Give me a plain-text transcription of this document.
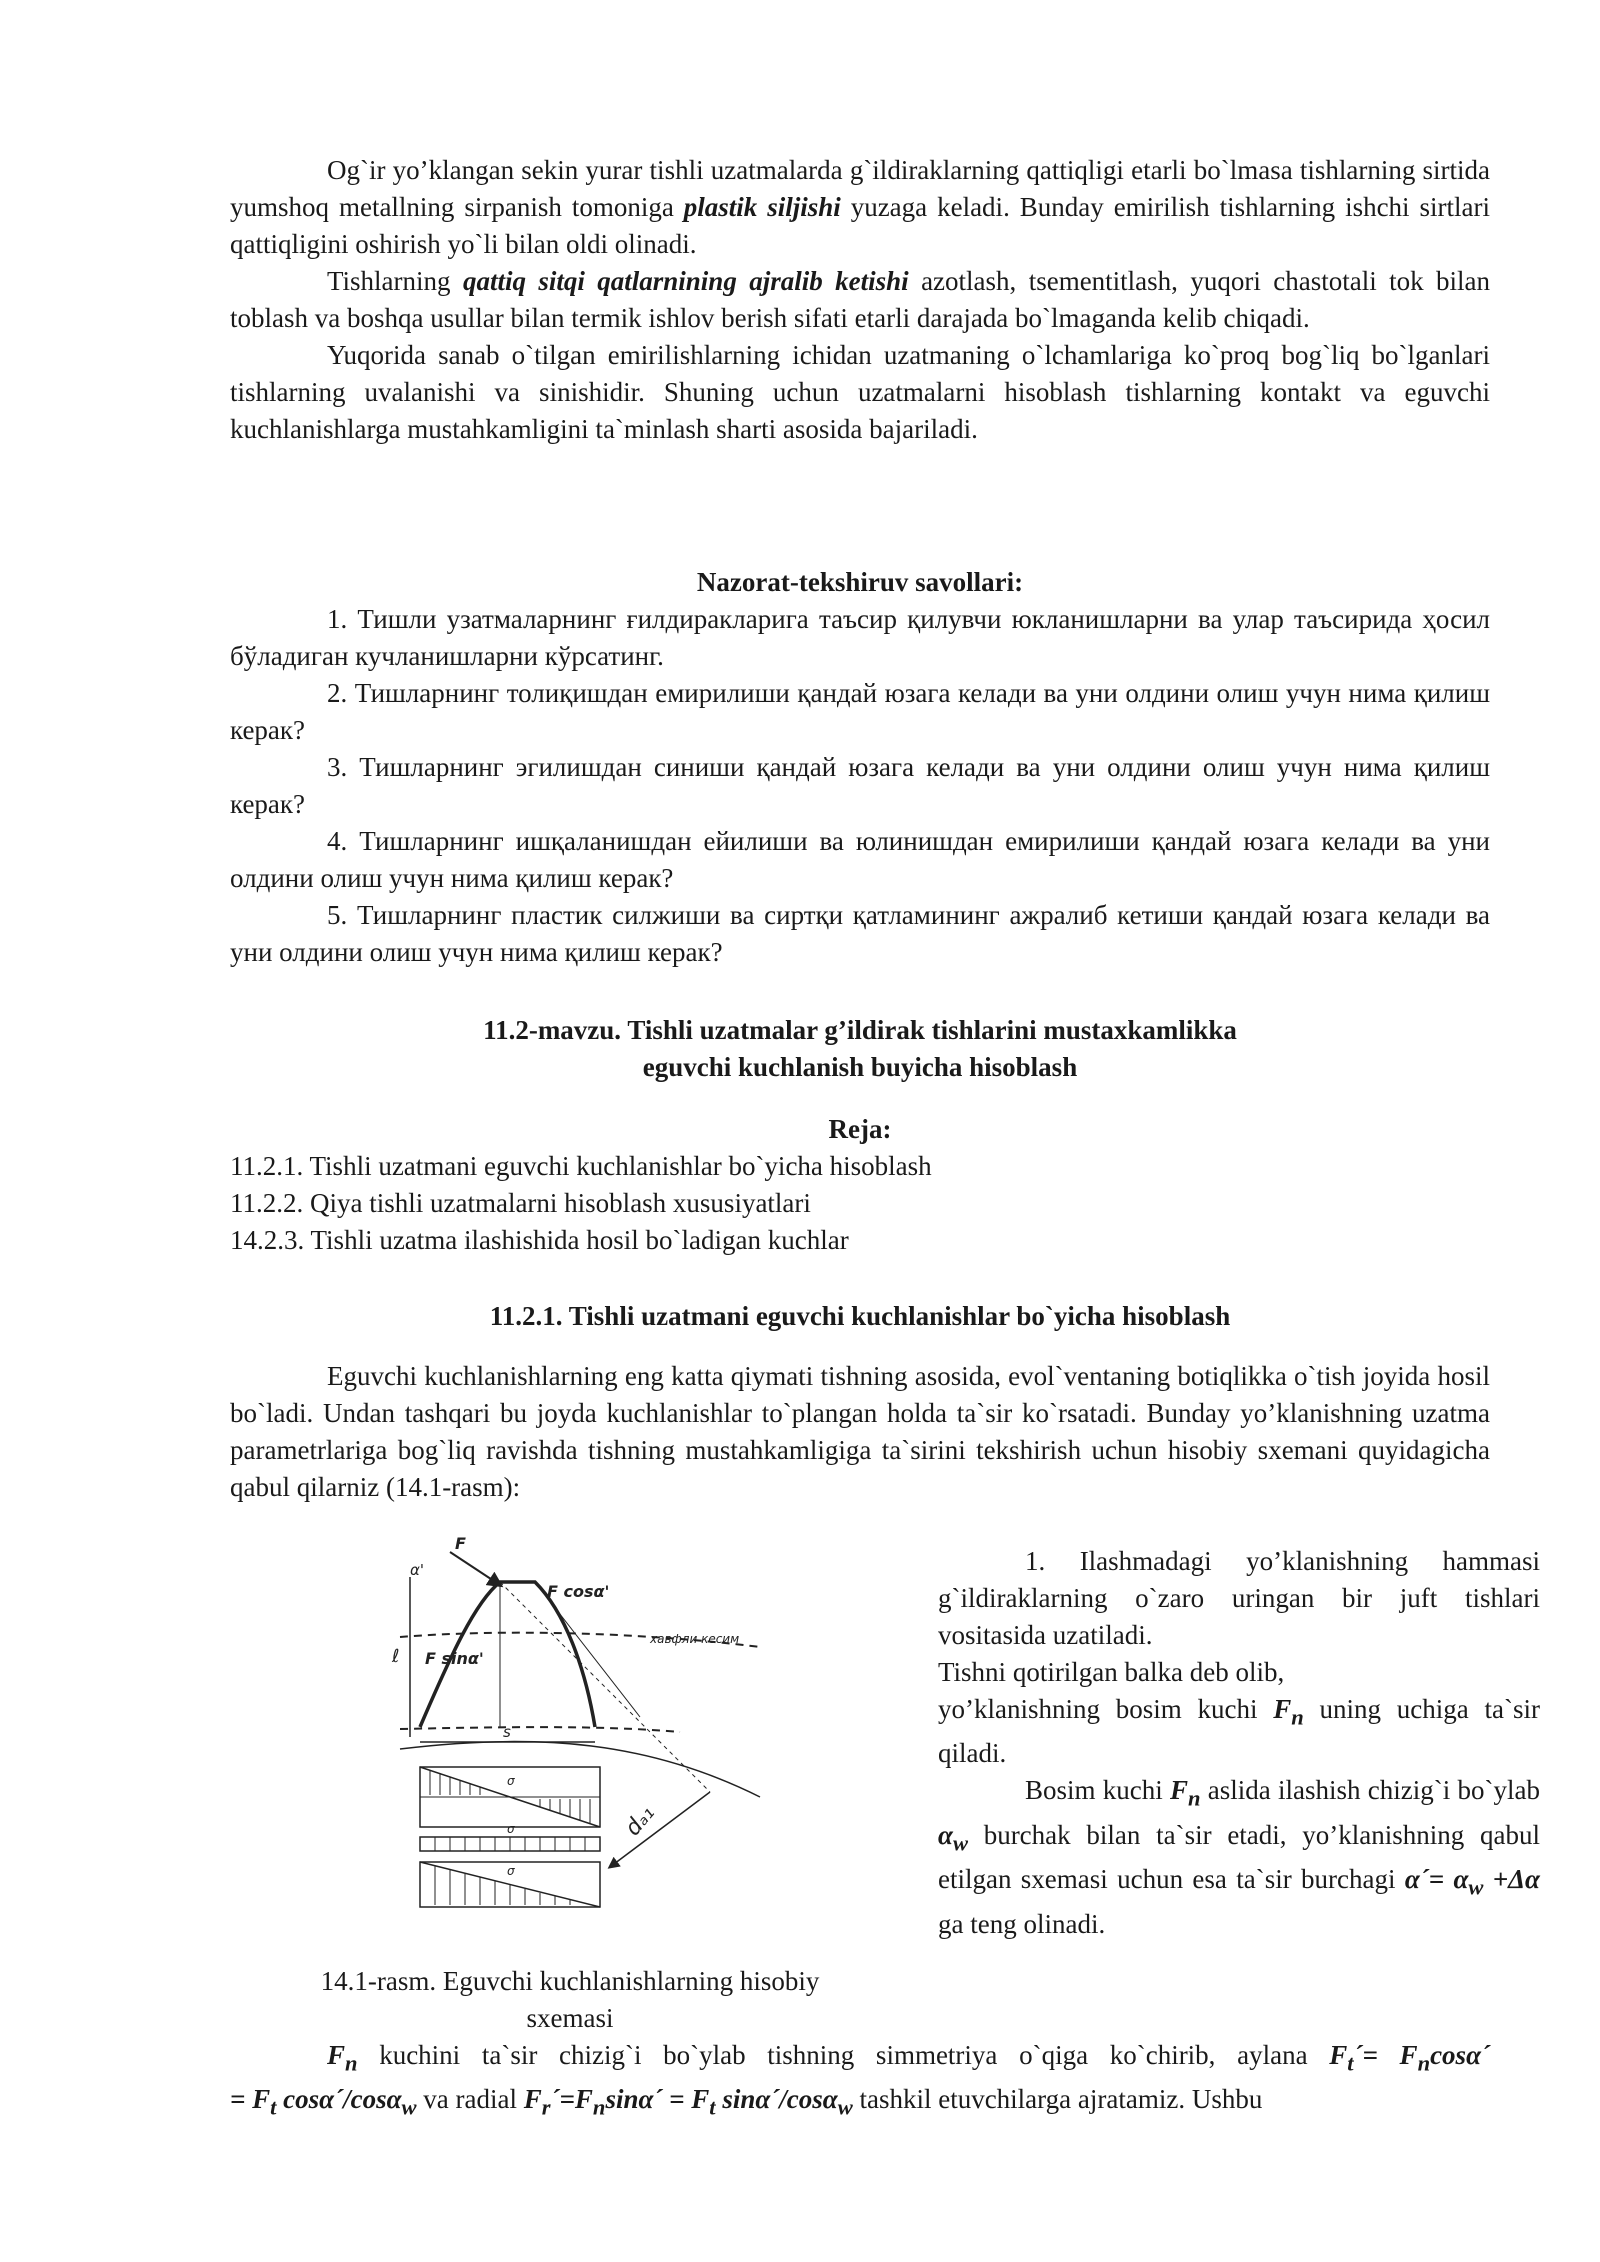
Og`ir yo’klangan sekin yurar tishli uzatmalarda g`ildiraklarning qattiqligi etarli bo`lmasa tishlarning sirtida yumshoq metallning sirpanish tomoniga plastik siljishi yuzaga keladi. Bunday emirilish tishlarning ishchi sirtlari qattiqligini oshirish yo`li bilan oldi olinadi.

Tishlarning qattiq sitqi qatlarnining ajralib ketishi azotlash, tsementitlash, yuqori chastotali tok bilan toblash va boshqa usullar bilan termik ishlov berish sifati etarli darajada bo`lmaganda kelib chiqadi.

Yuqorida sanab o`tilgan emirilishlarning ichidan uzatmaning o`lchamlariga ko`proq bog`liq bo`lganlari tishlarning uvalanishi va sinishidir. Shuning uchun uzatmalarni hisoblash tishlarning kontakt va eguvchi kuchlanishlarga mustahkamligini ta`minlash sharti asosida bajariladi.

Nazorat-tekshiruv savollari:

1. Тишли узатмаларнинг ғилдиракларига таъсир қилувчи юкланишларни ва улар таъсирида ҳосил бўладиган кучланишларни кўрсатинг.

2. Тишларнинг толиқишдан емирилиши қандай юзага келади ва уни олдини олиш учун нима қилиш керак?

3. Тишларнинг эгилишдан синиши қандай юзага келади ва уни олдини олиш учун нима қилиш керак?

4. Тишларнинг ишқаланишдан ейилиши ва юлинишдан емирилиши қандай юзага келади ва уни олдини олиш учун нима қилиш керак?

5. Тишларнинг пластик силжиши ва сиртқи қатламининг ажралиб кетиши қандай юзага келади ва уни олдини олиш учун нима қилиш керак?

11.2-mavzu. Tishli uzatmalar g’ildirak tishlarini mustaxkamlikka
eguvchi kuchlanish buyicha hisoblash
Reja:
11.2.1. Tishli uzatmani eguvchi kuchlanishlar bo`yicha hisoblash
11.2.2. Qiya tishli uzatmalarni hisoblash xususiyatlari
14.2.3. Tishli uzatma ilashishida hosil bo`ladigan kuchlar
11.2.1. Tishli uzatmani eguvchi kuchlanishlar bo`yicha hisoblash

Eguvchi kuchlanishlarning eng katta qiymati tishning asosida, evol`ventaning botiqlikka o`tish joyida hosil bo`ladi. Undan tashqari bu joyda kuchlanishlar to`plangan holda ta`sir ko`rsatadi. Bunday yo’klanishning uzatma parametrlariga bog`liq ravishda tishning mustahkamligiga ta`sirini tekshirish uchun hisobiy sxemani quyidagicha qabul qilarniz (14.1-rasm):

F̄
α'
F cosα'
F sinα'
хавфли кесим
ℓ
s
dₐ₁
σ
σ
σ

1. Ilashmadagi yo’klanishning hammasi g`ildiraklarning o`zaro uringan bir juft tishlari vositasida uzatiladi.

Tishni qotirilgan balka deb olib,

yo’klanishning bosim kuchi $F_n$ uning uchiga ta`sir qiladi.

Bosim kuchi $F_n$ aslida ilashish chizig`i bo`ylab $\alpha_w$ burchak bilan ta`sir etadi, yo’klanishning qabul etilgan sxemasi uchun esa ta`sir burchagi α´= $\alpha_w +\Delta\alpha$ ga teng olinadi.

14.1-rasm. Eguvchi kuchlanishlarning hisobiy
sxemasi

$F_n$ kuchini ta`sir chizig`i bo`ylab tishning simmetriya o`qiga ko`chirib, aylana $F_t´=$ $F_n\cos\alpha´$

= $F_t$ cosα´/cosα$_w$ va radial $F_r´=F_n\sin\alpha´ = F_t$ sinα´/cosα$_w$ tashkil etuvchilarga ajratamiz. Ushbu
